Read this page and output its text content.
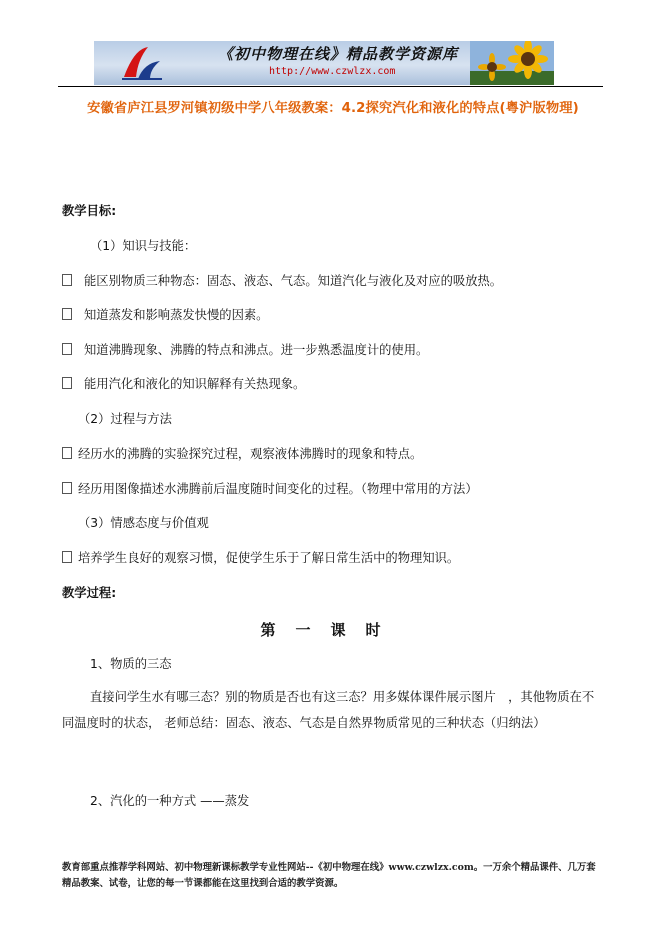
《初中物理在线》精品教学资源库
http://www.czwlzx.com
安徽省庐江县罗河镇初级中学八年级教案：4.2探究汽化和液化的特点(粤沪版物理)
教学目标:
（1）知识与技能：
能区别物质三种物态：固态、液态、气态。知道汽化与液化及对应的吸放热。
知道蒸发和影响蒸发快慢的因素。
知道沸腾现象、沸腾的特点和沸点。进一步熟悉温度计的使用。
能用汽化和液化的知识解释有关热现象。
（2）过程与方法
经历水的沸腾的实验探究过程，观察液体沸腾时的现象和特点。
经历用图像描述水沸腾前后温度随时间变化的过程。（物理中常用的方法）
（3）情感态度与价值观
培养学生良好的观察习惯，促使学生乐于了解日常生活中的物理知识。
教学过程:
第一课时
1、物质的三态
直接问学生水有哪三态？别的物质是否也有这三态？用多媒体课件展示图片　，其他物质在不同温度时的状态， 老师总结：固态、液态、气态是自然界物质常见的三种状态（归纳法）
2、汽化的一种方式 ——蒸发
教育部重点推荐学科网站、初中物理新课标教学专业性网站--《初中物理在线》www.czwlzx.com。一万余个精品课件、几万套精品教案、试卷，让您的每一节课都能在这里找到合适的教学资源。
